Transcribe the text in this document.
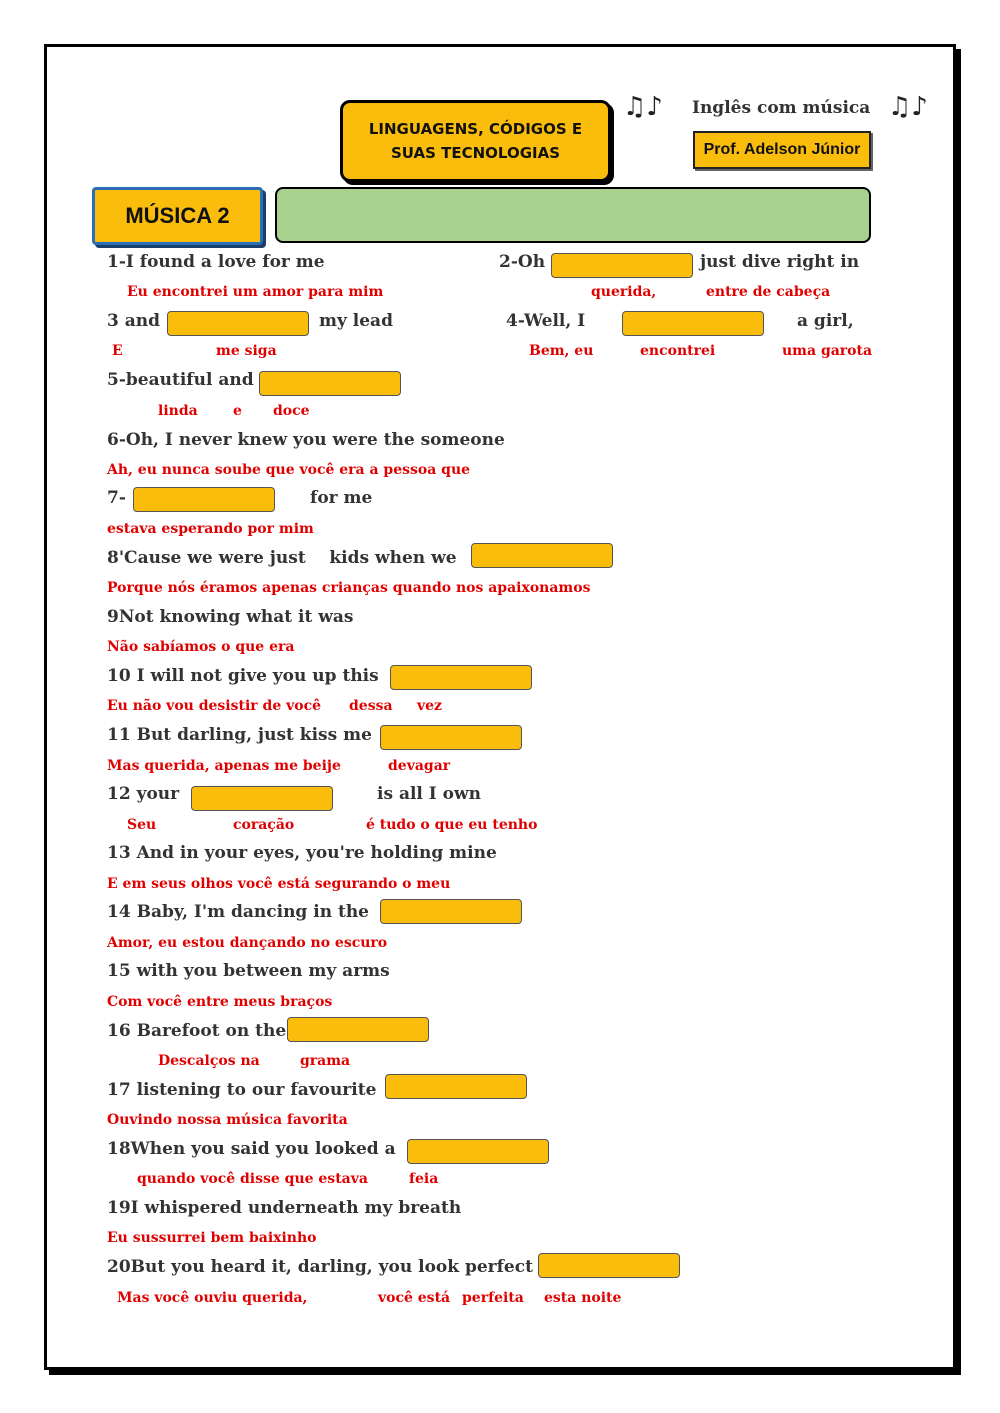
LINGUAGENS, CÓDIGOS E
SUAS TECNOLOGIAS
♫♪ Inglês com música ♫♪
Prof. Adelson Júnior
MÚSICA 2
1-I found a love for me
Eu encontrei um amor para mim
2-Oh	just dive right in
querida,	entre de cabeça
3 and	my lead
E	me siga
4-Well, I	a girl,
Bem, eu	encontrei	uma garota
5-beautiful and
linda	e doce
6-Oh, I never knew you were the someone
Ah, eu nunca soube que você era a pessoa que
7-	for me
estava esperando por mim
8'Cause we were just    kids when we
Porque nós éramos apenas crianças quando nos apaixonamos
9Not knowing what it was
Não sabíamos o que era
10 I will not give you up this
Eu não vou desistir de você dessa vez
11 But darling, just kiss me
Mas querida, apenas me beije	devagar
12 your	is all I own
Seu	coração	é tudo o que eu tenho
13 And in your eyes, you're holding mine
E em seus olhos você está segurando o meu
14 Baby, I'm dancing in the
Amor, eu estou dançando no escuro
15 with you between my arms
Com você entre meus braços
16 Barefoot on the
Descalços na	grama
17 listening to our favourite
Ouvindo nossa música favorita
18When you said you looked a
quando você disse que estava	feia
19I whispered underneath my breath
Eu sussurrei bem baixinho
20But you heard it, darling, you look perfect
Mas você ouviu querida,	você está perfeita esta noite
